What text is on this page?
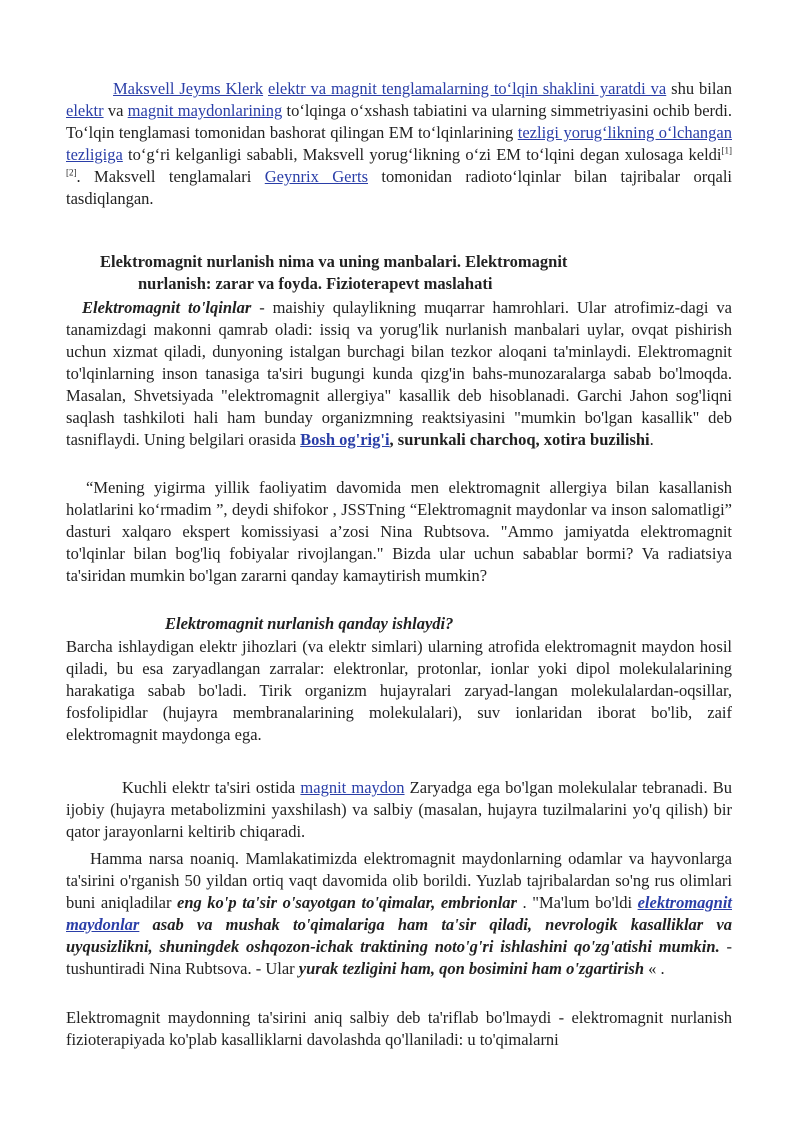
Maksvell Jeyms Klerk elektr va magnit tenglamalarning to‘lqin shaklini yaratdi va shu bilan elektr va magnit maydonlarining to‘lqinga o‘xshash tabiatini va ularning simmetriyasini ochib berdi. To‘lqin tenglamasi tomonidan bashorat qilingan EM to‘lqinlarining tezligi yorug‘likning o‘lchangan tezligiga to‘g‘ri kelganligi sababli, Maksvell yorug‘likning o‘zi EM to‘lqini degan xulosaga keldi[1] [2]. Maksvell tenglamalari Geynrix Gerts tomonidan radioto‘lqinlar bilan tajribalar orqali tasdiqlangan.

Elektromagnit nurlanish nima va uning manbalari. Elektromagnit
nurlanish: zarar va foyda. Fizioterapevt maslahati

Elektromagnit to'lqinlar - maishiy qulaylikning muqarrar hamrohlari. Ular atrofimiz-dagi va tanamizdagi makonni qamrab oladi: issiq va yorug'lik nurlanish manbalari uylar, ovqat pishirish uchun xizmat qiladi, dunyoning istalgan burchagi bilan tezkor aloqani ta'minlaydi. Elektromagnit to'lqinlarning inson tanasiga ta'siri bugungi kunda qizg'in bahs-munozaralarga sabab bo'lmoqda. Masalan, Shvetsiyada "elektromagnit allergiya" kasallik deb hisoblanadi. Garchi Jahon sog'liqni saqlash tashkiloti hali ham bunday organizmning reaktsiyasini "mumkin bo'lgan kasallik" deb tasniflaydi. Uning belgilari orasida Bosh og'rig'i, surunkali charchoq, xotira buzilishi.

“Mening yigirma yillik faoliyatim davomida men elektromagnit allergiya bilan kasallanish holatlarini ko‘rmadim ”, deydi shifokor , JSSTning “Elektromagnit maydonlar va inson salomatligi” dasturi xalqaro ekspert komissiyasi a’zosi Nina Rubtsova. "Ammo jamiyatda elektromagnit to'lqinlar bilan bog'liq fobiyalar rivojlangan." Bizda ular uchun sabablar bormi? Va radiatsiya ta'siridan mumkin bo'lgan zararni qanday kamaytirish mumkin?

Elektromagnit nurlanish qanday ishlaydi?

Barcha ishlaydigan elektr jihozlari (va elektr simlari) ularning atrofida elektromagnit maydon hosil qiladi, bu esa zaryadlangan zarralar: elektronlar, protonlar, ionlar yoki dipol molekulalarining harakatiga sabab bo'ladi. Tirik organizm hujayralari zaryad-langan molekulalardan-oqsillar, fosfolipidlar (hujayra membranalarining molekulalari), suv ionlaridan iborat bo'lib, zaif elektromagnit maydonga ega.

Kuchli elektr ta'siri ostida magnit maydon Zaryadga ega bo'lgan molekulalar tebranadi. Bu ijobiy (hujayra metabolizmini yaxshilash) va salbiy (masalan, hujayra tuzilmalarini yo'q qilish) bir qator jarayonlarni keltirib chiqaradi.

Hamma narsa noaniq. Mamlakatimizda elektromagnit maydonlarning odamlar va hayvonlarga ta'sirini o'rganish 50 yildan ortiq vaqt davomida olib borildi. Yuzlab tajribalardan so'ng rus olimlari buni aniqladilar eng ko'p ta'sir o'sayotgan to'qimalar, embrionlar . "Ma'lum bo'ldi elektromagnit maydonlar asab va mushak to'qimalariga ham ta'sir qiladi, nevrologik kasalliklar va uyqusizlikni, shuningdek oshqozon-ichak traktining noto'g'ri ishlashini qo'zg'atishi mumkin. - tushuntiradi Nina Rubtsova. - Ular yurak tezligini ham, qon bosimini ham o'zgartirish « .

Elektromagnit maydonning ta'sirini aniq salbiy deb ta'riflab bo'lmaydi - elektromagnit nurlanish fizioterapiyada ko'plab kasalliklarni davolashda qo'llaniladi: u to'qimalarni
